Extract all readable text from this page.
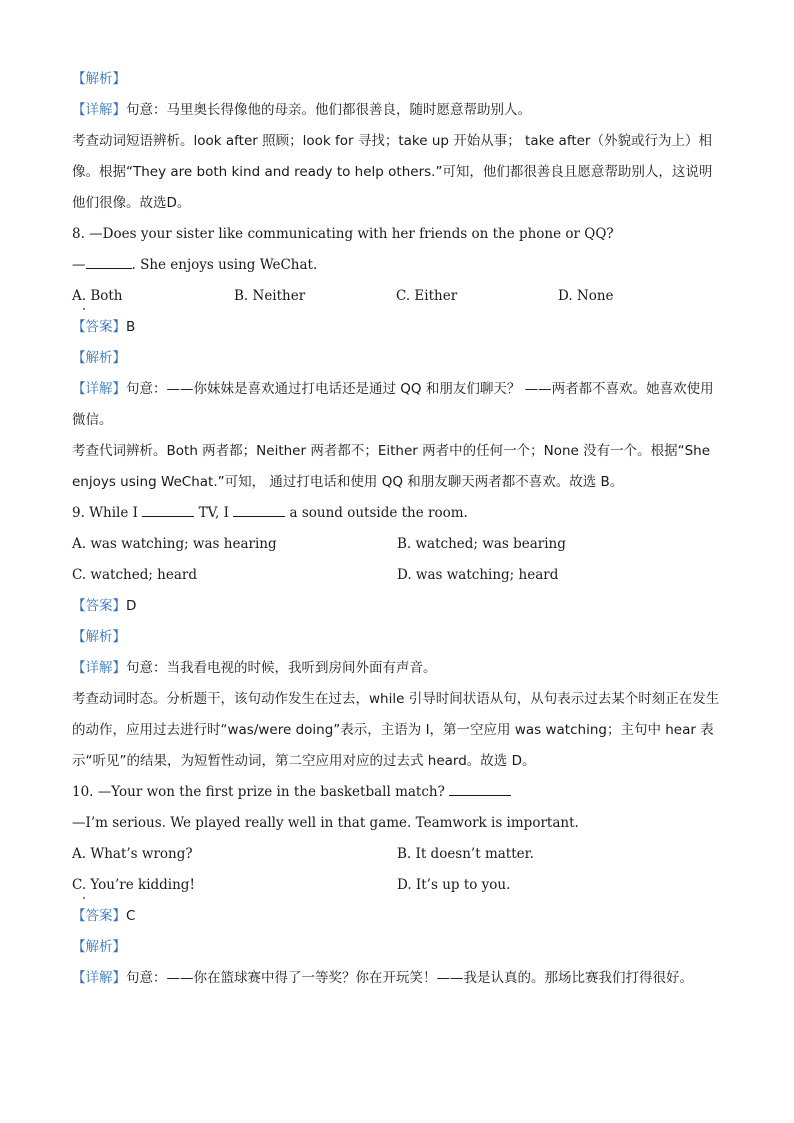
【解析】
【详解】句意：马里奥长得像他的母亲。他们都很善良，随时愿意帮助别人。
考查动词短语辨析。look after 照顾；look for 寻找；take up 开始从事； take after（外貌或行为上）相像。根据“They are both kind and ready to help others.”可知，他们都很善良且愿意帮助别人，这说明他们很像。故选D。
8. —Does your sister like communicating with her friends on the phone or QQ?
—	. She enjoys using WeChat.
A. Both	B. Neither	C. Either	D. None
【答案】B
【解析】
【详解】句意：——你妹妹是喜欢通过打电话还是通过 QQ 和朋友们聊天？ ——两者都不喜欢。她喜欢使用微信。
考查代词辨析。Both 两者都；Neither 两者都不；Either 两者中的任何一个；None 没有一个。根据“She enjoys using WeChat.”可知， 通过打电话和使用 QQ 和朋友聊天两者都不喜欢。故选 B。
9. While I	TV, I	a sound outside the room.
A. was watching; was hearing	B. watched; was bearing
C. watched; heard	D. was watching; heard
【答案】D
【解析】
【详解】句意：当我看电视的时候，我听到房间外面有声音。
考查动词时态。分析题干，该句动作发生在过去，while 引导时间状语从句，从句表示过去某个时刻正在发生的动作，应用过去进行时“was/were doing”表示，主语为 I，第一空应用 was watching；主句中 hear 表示“听见”的结果，为短暂性动词，第二空应用对应的过去式 heard。故选 D。
10. —Your won the first prize in the basketball match?
—I’m serious. We played really well in that game. Teamwork is important.
A. What’s wrong?	B. It doesn’t matter.
C. You’re kidding!	D. It’s up to you.
【答案】C
【解析】
【详解】句意：——你在篮球赛中得了一等奖？你在开玩笑！——我是认真的。那场比赛我们打得很好。
